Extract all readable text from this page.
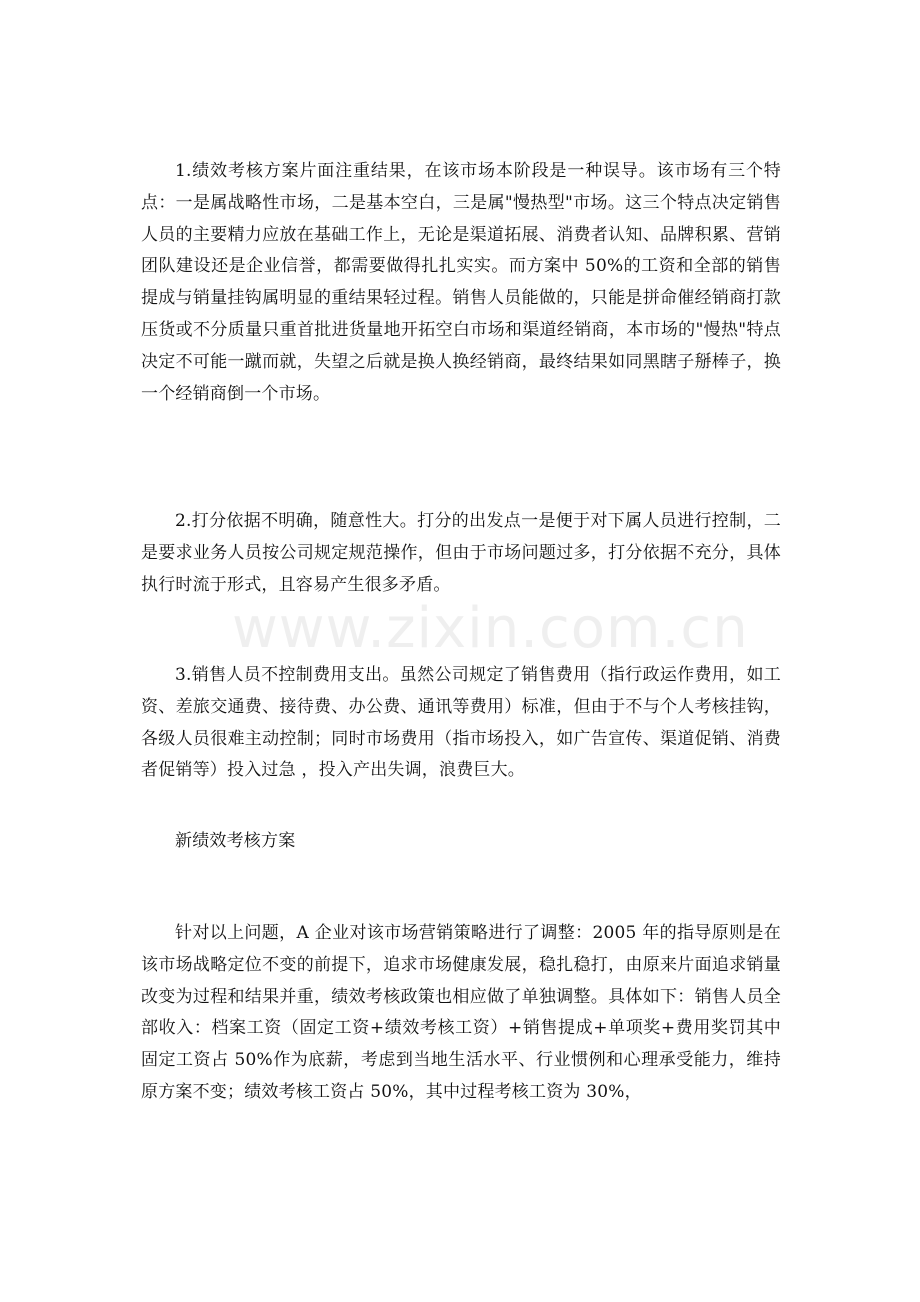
1.绩效考核方案片面注重结果，在该市场本阶段是一种误导。该市场有三个特点：一是属战略性市场，二是基本空白，三是属"慢热型"市场。这三个特点决定销售人员的主要精力应放在基础工作上，无论是渠道拓展、消费者认知、品牌积累、营销团队建设还是企业信誉，都需要做得扎扎实实。而方案中 50%的工资和全部的销售提成与销量挂钩属明显的重结果轻过程。销售人员能做的，只能是拼命催经销商打款压货或不分质量只重首批进货量地开拓空白市场和渠道经销商，本市场的"慢热"特点决定不可能一蹴而就，失望之后就是换人换经销商，最终结果如同黑瞎子掰棒子，换一个经销商倒一个市场。

2.打分依据不明确，随意性大。打分的出发点一是便于对下属人员进行控制，二是要求业务人员按公司规定规范操作，但由于市场问题过多，打分依据不充分，具体执行时流于形式，且容易产生很多矛盾。

www.zixin.com.cn

3.销售人员不控制费用支出。虽然公司规定了销售费用（指行政运作费用，如工资、差旅交通费、接待费、办公费、通讯等费用）标准，但由于不与个人考核挂钩，各级人员很难主动控制；同时市场费用（指市场投入，如广告宣传、渠道促销、消费者促销等）投入过急 ，投入产出失调，浪费巨大。

新绩效考核方案

针对以上问题，A 企业对该市场营销策略进行了调整：2005 年的指导原则是在该市场战略定位不变的前提下，追求市场健康发展，稳扎稳打，由原来片面追求销量改变为过程和结果并重，绩效考核政策也相应做了单独调整。具体如下：销售人员全部收入：档案工资（固定工资+绩效考核工资）+销售提成+单项奖+费用奖罚其中固定工资占 50%作为底薪，考虑到当地生活水平、行业惯例和心理承受能力，维持原方案不变；绩效考核工资占 50%，其中过程考核工资为 30%，
